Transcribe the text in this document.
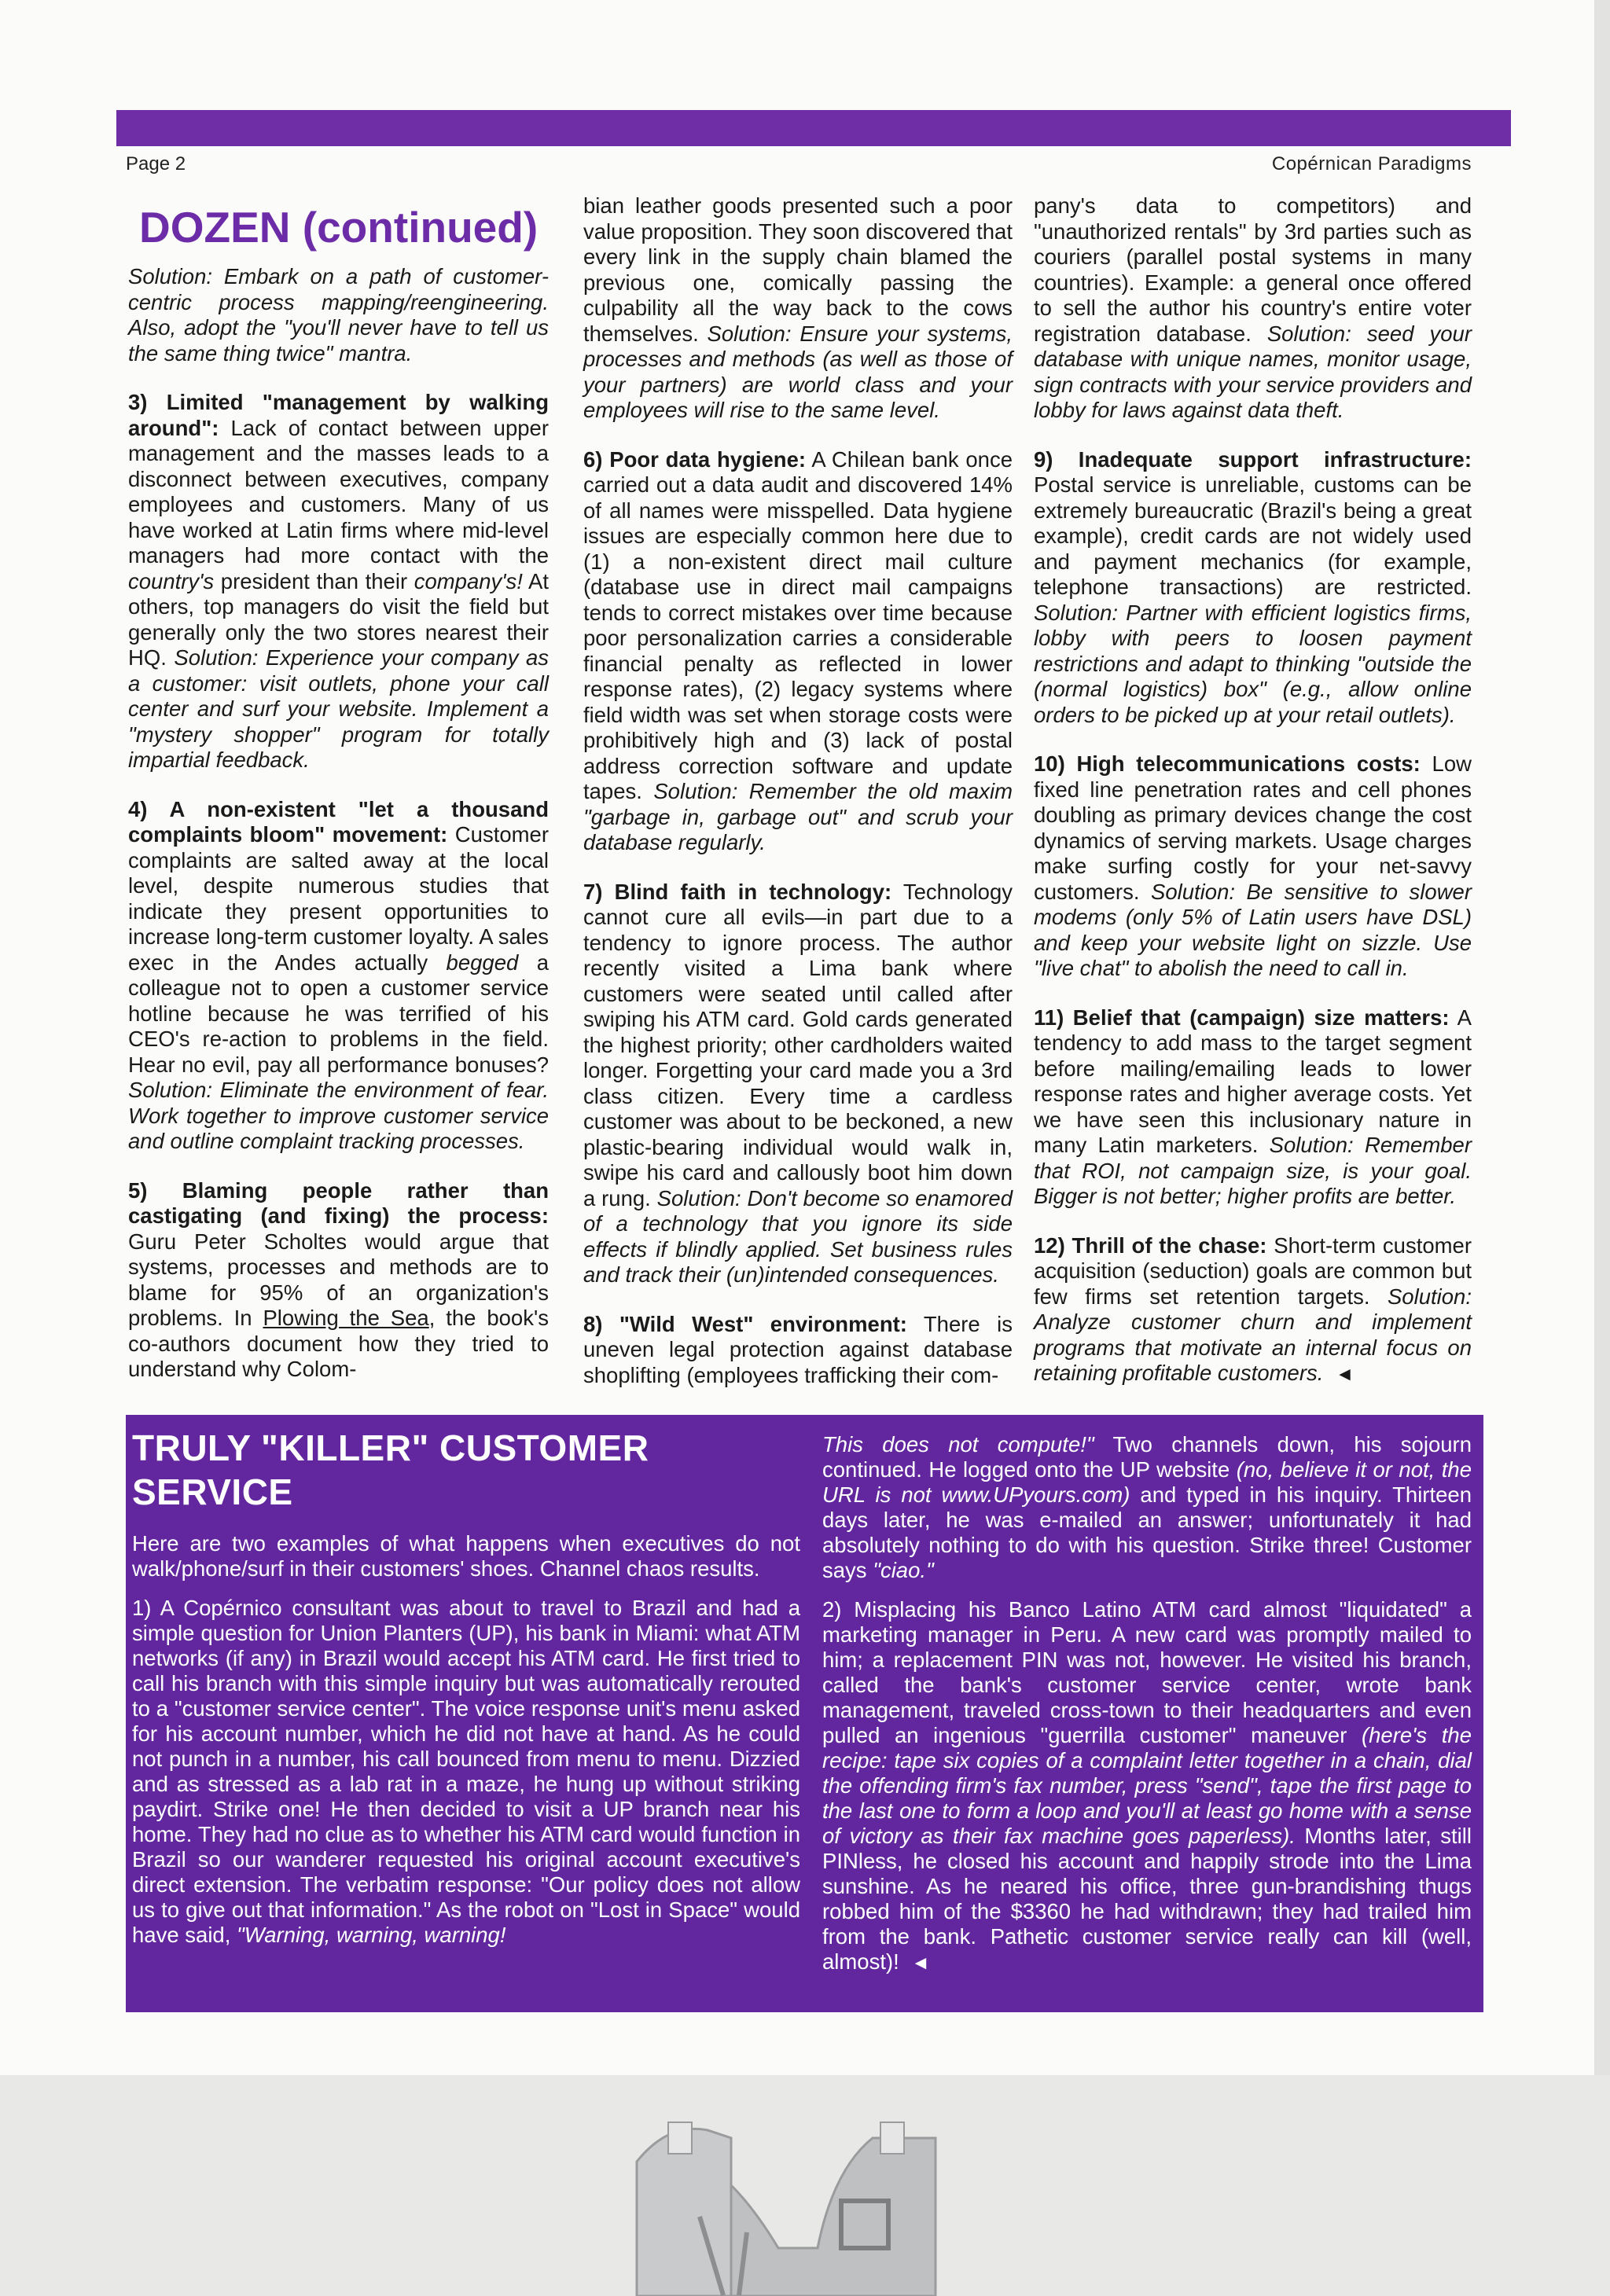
Page 2	Copérnican Paradigms
DOZEN (continued)

Solution: Embark on a path of customer-centric process mapping/reengineering. Also, adopt the "you'll never have to tell us the same thing twice" mantra.

3) Limited "management by walking around": Lack of contact between upper management and the masses leads to a disconnect between executives, company employees and customers. Many of us have worked at Latin firms where mid-level managers had more contact with the country's president than their company's! At others, top managers do visit the field but generally only the two stores nearest their HQ. Solution: Experience your company as a customer: visit outlets, phone your call center and surf your website. Implement a "mystery shopper" program for totally impartial feedback.

4) A non-existent "let a thousand complaints bloom" movement: Customer complaints are salted away at the local level, despite numerous studies that indicate they present opportunities to increase long-term customer loyalty. A sales exec in the Andes actually begged a colleague not to open a customer service hotline because he was terrified of his CEO's re-action to problems in the field. Hear no evil, pay all performance bonuses? Solution: Eliminate the environment of fear. Work together to improve customer service and outline complaint tracking processes.

5) Blaming people rather than castigating (and fixing) the process: Guru Peter Scholtes would argue that systems, processes and methods are to blame for 95% of an organization's problems. In Plowing the Sea, the book's co-authors document how they tried to understand why Colom-

bian leather goods presented such a poor value proposition. They soon discovered that every link in the supply chain blamed the previous one, comically passing the culpability all the way back to the cows themselves. Solution: Ensure your systems, processes and methods (as well as those of your partners) are world class and your employees will rise to the same level.

6) Poor data hygiene: A Chilean bank once carried out a data audit and discovered 14% of all names were misspelled. Data hygiene issues are especially common here due to (1) a non-existent direct mail culture (database use in direct mail campaigns tends to correct mistakes over time because poor personalization carries a considerable financial penalty as reflected in lower response rates), (2) legacy systems where field width was set when storage costs were prohibitively high and (3) lack of postal address correction software and update tapes. Solution: Remember the old maxim "garbage in, garbage out" and scrub your database regularly.

7) Blind faith in technology: Technology cannot cure all evils—in part due to a tendency to ignore process. The author recently visited a Lima bank where customers were seated until called after swiping his ATM card. Gold cards generated the highest priority; other cardholders waited longer. Forgetting your card made you a 3rd class citizen. Every time a cardless customer was about to be beckoned, a new plastic-bearing individual would walk in, swipe his card and callously boot him down a rung. Solution: Don't become so enamored of a technology that you ignore its side effects if blindly applied. Set business rules and track their (un)intended consequences.

8) "Wild West" environment: There is uneven legal protection against database shoplifting (employees trafficking their com-

pany's data to competitors) and "unauthorized rentals" by 3rd parties such as couriers (parallel postal systems in many countries). Example: a general once offered to sell the author his country's entire voter registration database. Solution: seed your database with unique names, monitor usage, sign contracts with your service providers and lobby for laws against data theft.

9) Inadequate support infrastructure: Postal service is unreliable, customs can be extremely bureaucratic (Brazil's being a great example), credit cards are not widely used and payment mechanics (for example, telephone transactions) are restricted. Solution: Partner with efficient logistics firms, lobby with peers to loosen payment restrictions and adapt to thinking "outside the (normal logistics) box" (e.g., allow online orders to be picked up at your retail outlets).

10) High telecommunications costs: Low fixed line penetration rates and cell phones doubling as primary devices change the cost dynamics of serving markets. Usage charges make surfing costly for your net-savvy customers. Solution: Be sensitive to slower modems (only 5% of Latin users have DSL) and keep your website light on sizzle. Use "live chat" to abolish the need to call in.

11) Belief that (campaign) size matters: A tendency to add mass to the target segment before mailing/emailing leads to lower response rates and higher average costs. Yet we have seen this inclusionary nature in many Latin marketers. Solution: Remember that ROI, not campaign size, is your goal. Bigger is not better; higher profits are better.

12) Thrill of the chase: Short-term customer acquisition (seduction) goals are common but few firms set retention targets. Solution: Analyze customer churn and implement programs that motivate an internal focus on retaining profitable customers. ◄

TRULY "KILLER" CUSTOMER SERVICE

Here are two examples of what happens when executives do not walk/phone/surf in their customers' shoes. Channel chaos results.

1) A Copérnico consultant was about to travel to Brazil and had a simple question for Union Planters (UP), his bank in Miami: what ATM networks (if any) in Brazil would accept his ATM card. He first tried to call his branch with this simple inquiry but was automatically rerouted to a "customer service center". The voice response unit's menu asked for his account number, which he did not have at hand. As he could not punch in a number, his call bounced from menu to menu. Dizzied and as stressed as a lab rat in a maze, he hung up without striking paydirt. Strike one! He then decided to visit a UP branch near his home. They had no clue as to whether his ATM card would function in Brazil so our wanderer requested his original account executive's direct extension. The verbatim response: "Our policy does not allow us to give out that information." As the robot on "Lost in Space" would have said, "Warning, warning, warning!

This does not compute!" Two channels down, his sojourn continued. He logged onto the UP website (no, believe it or not, the URL is not www.UPyours.com) and typed in his inquiry. Thirteen days later, he was e-mailed an answer; unfortunately it had absolutely nothing to do with his question. Strike three! Customer says "ciao."

2) Misplacing his Banco Latino ATM card almost "liquidated" a marketing manager in Peru. A new card was promptly mailed to him; a replacement PIN was not, however. He visited his branch, called the bank's customer service center, wrote bank management, traveled cross-town to their headquarters and even pulled an ingenious "guerrilla customer" maneuver (here's the recipe: tape six copies of a complaint letter together in a chain, dial the offending firm's fax number, press "send", tape the first page to the last one to form a loop and you'll at least go home with a sense of victory as their fax machine goes paperless). Months later, still PINless, he closed his account and happily strode into the Lima sunshine. As he neared his office, three gun-brandishing thugs robbed him of the $3360 he had withdrawn; they had trailed him from the bank. Pathetic customer service really can kill (well, almost)! ◄
